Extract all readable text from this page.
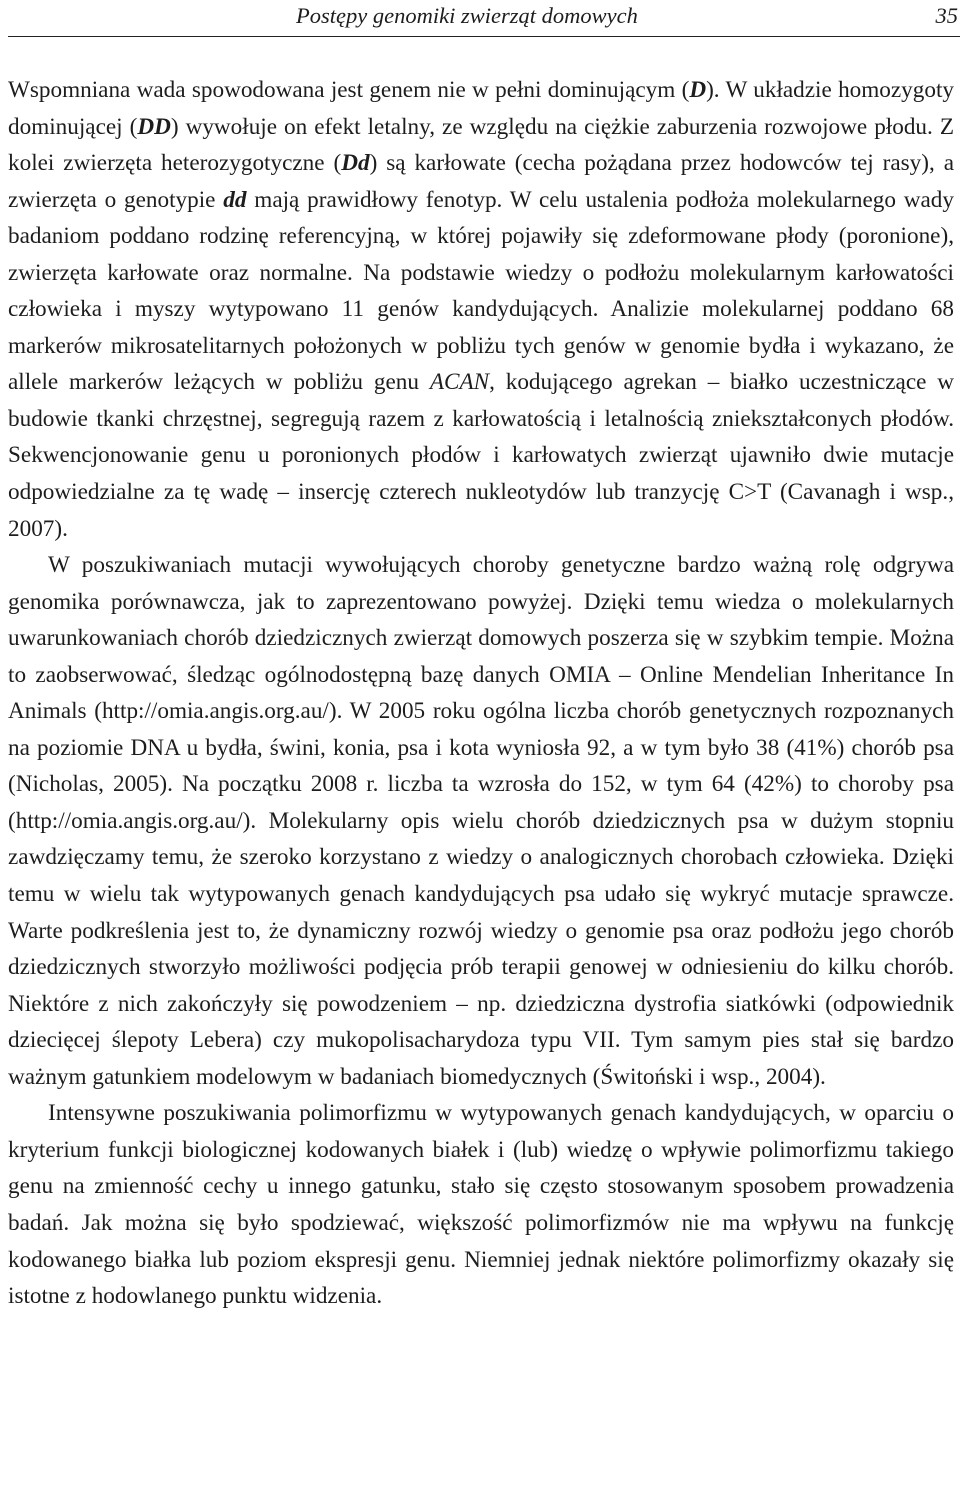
Postępy genomiki zwierząt domowych	35

Wspomniana wada spowodowana jest genem nie w pełni dominującym (D). W układzie homozygoty dominującej (DD) wywołuje on efekt letalny, ze względu na ciężkie zaburzenia rozwojowe płodu. Z kolei zwierzęta heterozygotyczne (Dd) są karłowate (cecha pożądana przez hodowców tej rasy), a zwierzęta o genotypie dd mają prawidłowy fenotyp. W celu ustalenia podłoża molekularnego wady badaniom poddano rodzinę referencyjną, w której pojawiły się zdeformowane płody (poronione), zwierzęta karłowate oraz normalne. Na podstawie wiedzy o podłożu molekularnym karłowatości człowieka i myszy wytypowano 11 genów kandydujących. Analizie molekularnej poddano 68 markerów mikrosatelitarnych położonych w pobliżu tych genów w genomie bydła i wykazano, że allele markerów leżących w pobliżu genu ACAN, kodującego agrekan – białko uczestniczące w budowie tkanki chrzęstnej, segregują razem z karłowatością i letalnością zniekształconych płodów. Sekwencjonowanie genu u poronionych płodów i karłowatych zwierząt ujawniło dwie mutacje odpowiedzialne za tę wadę – insercję czterech nukleotydów lub tranzycję C>T (Cavanagh i wsp., 2007).

W poszukiwaniach mutacji wywołujących choroby genetyczne bardzo ważną rolę odgrywa genomika porównawcza, jak to zaprezentowano powyżej. Dzięki temu wiedza o molekularnych uwarunkowaniach chorób dziedzicznych zwierząt domowych poszerza się w szybkim tempie. Można to zaobserwować, śledząc ogólnodostępną bazę danych OMIA – Online Mendelian Inheritance In Animals (http://omia.angis.org.au/). W 2005 roku ogólna liczba chorób genetycznych rozpoznanych na poziomie DNA u bydła, świni, konia, psa i kota wyniosła 92, a w tym było 38 (41%) chorób psa (Nicholas, 2005). Na początku 2008 r. liczba ta wzrosła do 152, w tym 64 (42%) to choroby psa (http://omia.angis.org.au/). Molekularny opis wielu chorób dziedzicznych psa w dużym stopniu zawdzięczamy temu, że szeroko korzystano z wiedzy o analogicznych chorobach człowieka. Dzięki temu w wielu tak wytypowanych genach kandydujących psa udało się wykryć mutacje sprawcze. Warte podkreślenia jest to, że dynamiczny rozwój wiedzy o genomie psa oraz podłożu jego chorób dziedzicznych stworzyło możliwości podjęcia prób terapii genowej w odniesieniu do kilku chorób. Niektóre z nich zakończyły się powodzeniem – np. dziedziczna dystrofia siatkówki (odpowiednik dziecięcej ślepoty Lebera) czy mukopolisacharydoza typu VII. Tym samym pies stał się bardzo ważnym gatunkiem modelowym w badaniach biomedycznych (Świtoński i wsp., 2004).

Intensywne poszukiwania polimorfizmu w wytypowanych genach kandydujących, w oparciu o kryterium funkcji biologicznej kodowanych białek i (lub) wiedzę o wpływie polimorfizmu takiego genu na zmienność cechy u innego gatunku, stało się często stosowanym sposobem prowadzenia badań. Jak można się było spodziewać, większość polimorfizmów nie ma wpływu na funkcję kodowanego białka lub poziom ekspresji genu. Niemniej jednak niektóre polimorfizmy okazały się istotne z hodowlanego punktu widzenia.
